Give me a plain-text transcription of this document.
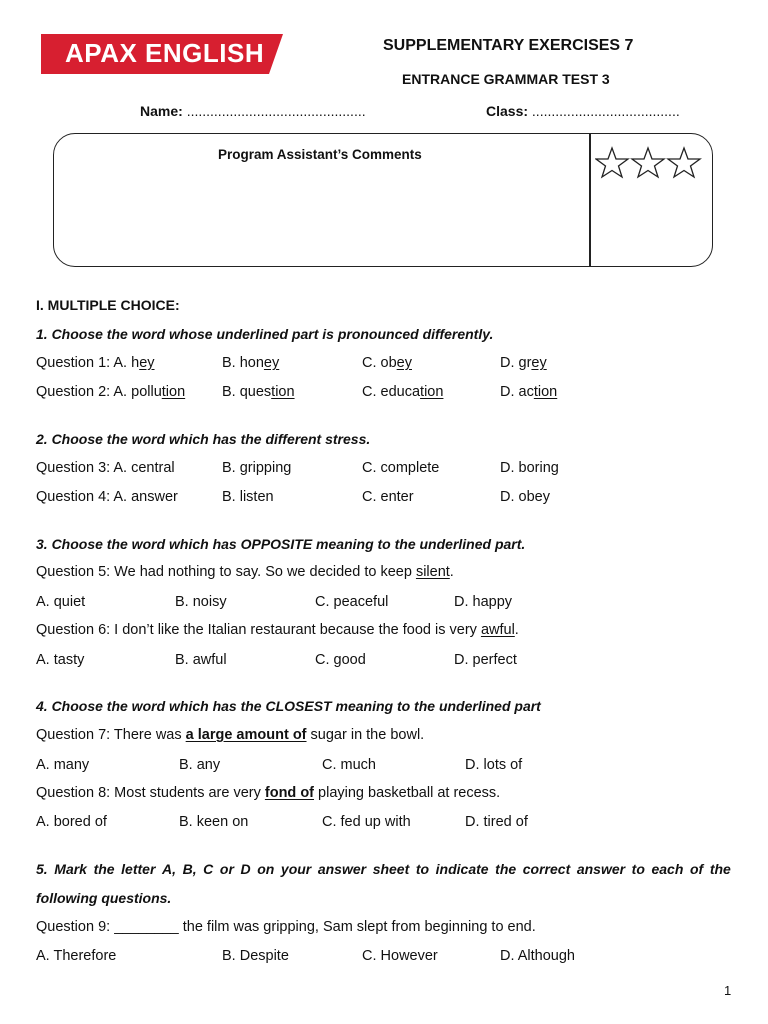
APAX ENGLISH	SUPPLEMENTARY EXERCISES 7
ENTRANCE GRAMMAR TEST 3
Name: ..............................................	Class: ......................................
Program Assistant’s Comments
I. MULTIPLE CHOICE:
1. Choose the word whose underlined part is pronounced differently.
Question 1: A. hey	B. honey	C. obey	D. grey
Question 2: A. pollution	B. question	C. education	D. action
2. Choose the word which has the different stress.
Question 3: A. central	B. gripping	C. complete	D. boring
Question 4: A. answer	B. listen	C. enter	D. obey
3. Choose the word which has OPPOSITE meaning to the underlined part.
Question 5: We had nothing to say. So we decided to keep silent.
A. quiet	B. noisy	C. peaceful	D. happy
Question 6: I don’t like the Italian restaurant because the food is very awful.
A. tasty	B. awful	C. good	D. perfect
4. Choose the word which has the CLOSEST meaning to the underlined part
Question 7: There was a large amount of sugar in the bowl.
A. many	B. any	C. much	D. lots of
Question 8: Most students are very fond of playing basketball at recess.
A. bored of	B. keen on	C. fed up with	D. tired of
5. Mark the letter A, B, C or D on your answer sheet to indicate the correct answer to each of the
following questions.
Question 9: ________ the film was gripping, Sam slept from beginning to end.
A. Therefore	B. Despite	C. However	D. Although
1
